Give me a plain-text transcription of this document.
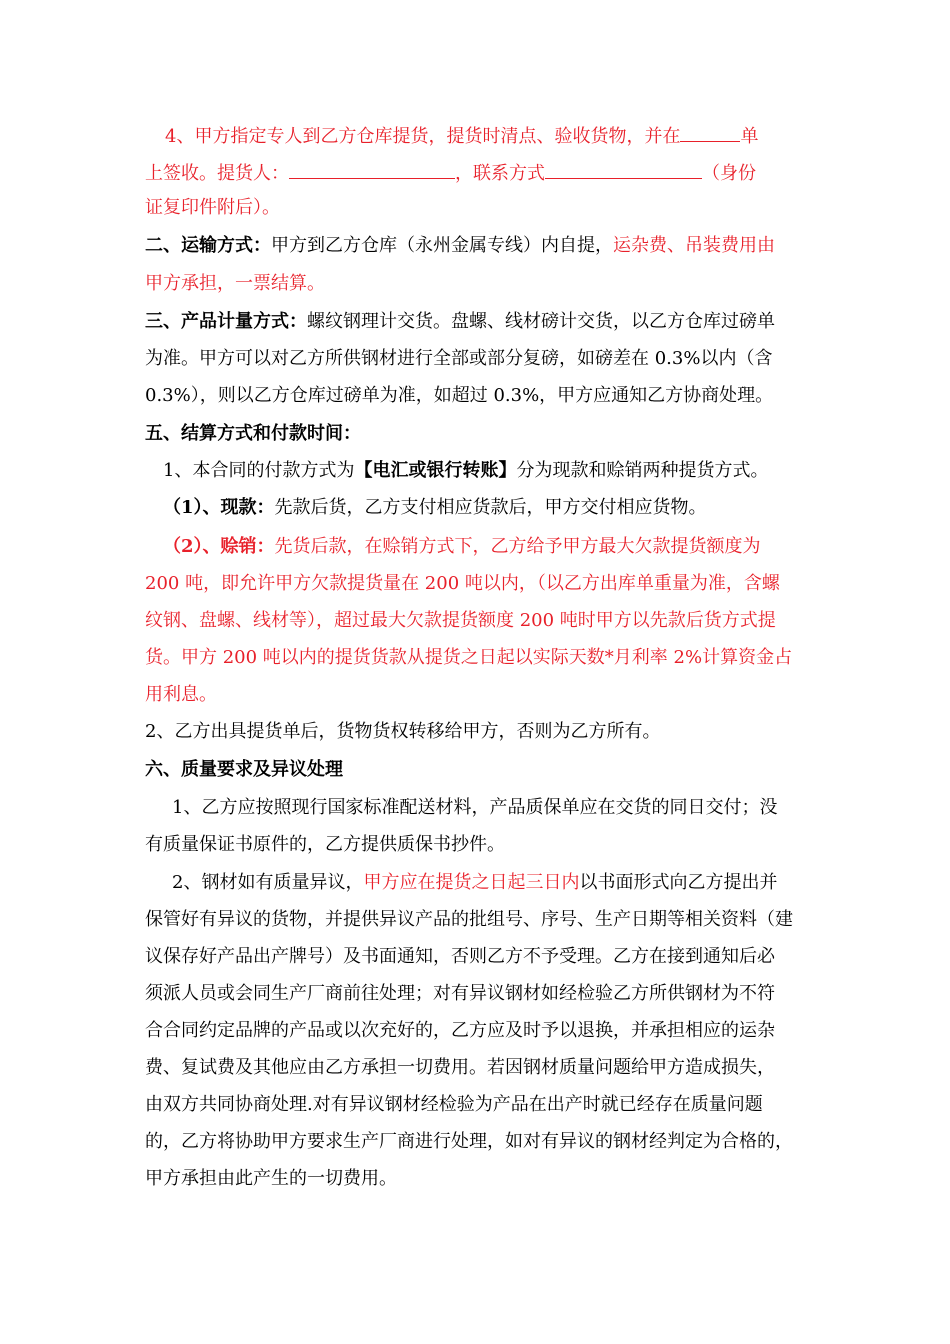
4、甲方指定专人到乙方仓库提货，提货时清点、验收货物，并在	单
上签收。提货人：	，联系方式	（身份
证复印件附后）。
二、运输方式：甲方到乙方仓库（永州金属专线）内自提，运杂费、吊装费用由
甲方承担，一票结算。
三、产品计量方式：螺纹钢理计交货。盘螺、线材磅计交货，以乙方仓库过磅单
为准。甲方可以对乙方所供钢材进行全部或部分复磅，如磅差在 0.3%以内（含
0.3%），则以乙方仓库过磅单为准，如超过 0.3%，甲方应通知乙方协商处理。
五、结算方式和付款时间：
1、本合同的付款方式为【电汇或银行转账】分为现款和赊销两种提货方式。
（1）、现款：先款后货，乙方支付相应货款后，甲方交付相应货物。
（2）、赊销：先货后款，在赊销方式下，乙方给予甲方最大欠款提货额度为
200 吨，即允许甲方欠款提货量在 200 吨以内，（以乙方出库单重量为准，含螺
纹钢、盘螺、线材等），超过最大欠款提货额度 200 吨时甲方以先款后货方式提
货。甲方 200 吨以内的提货货款从提货之日起以实际天数*月利率 2%计算资金占
用利息。
2、乙方出具提货单后，货物货权转移给甲方，否则为乙方所有。
六、质量要求及异议处理
1、乙方应按照现行国家标准配送材料，产品质保单应在交货的同日交付；没
有质量保证书原件的，乙方提供质保书抄件。
2、钢材如有质量异议，甲方应在提货之日起三日内以书面形式向乙方提出并
保管好有异议的货物，并提供异议产品的批组号、序号、生产日期等相关资料（建
议保存好产品出产牌号）及书面通知，否则乙方不予受理。乙方在接到通知后必
须派人员或会同生产厂商前往处理；对有异议钢材如经检验乙方所供钢材为不符
合合同约定品牌的产品或以次充好的，乙方应及时予以退换，并承担相应的运杂
费、复试费及其他应由乙方承担一切费用。若因钢材质量问题给甲方造成损失，
由双方共同协商处理.对有异议钢材经检验为产品在出产时就已经存在质量问题
的，乙方将协助甲方要求生产厂商进行处理，如对有异议的钢材经判定为合格的，
甲方承担由此产生的一切费用。
